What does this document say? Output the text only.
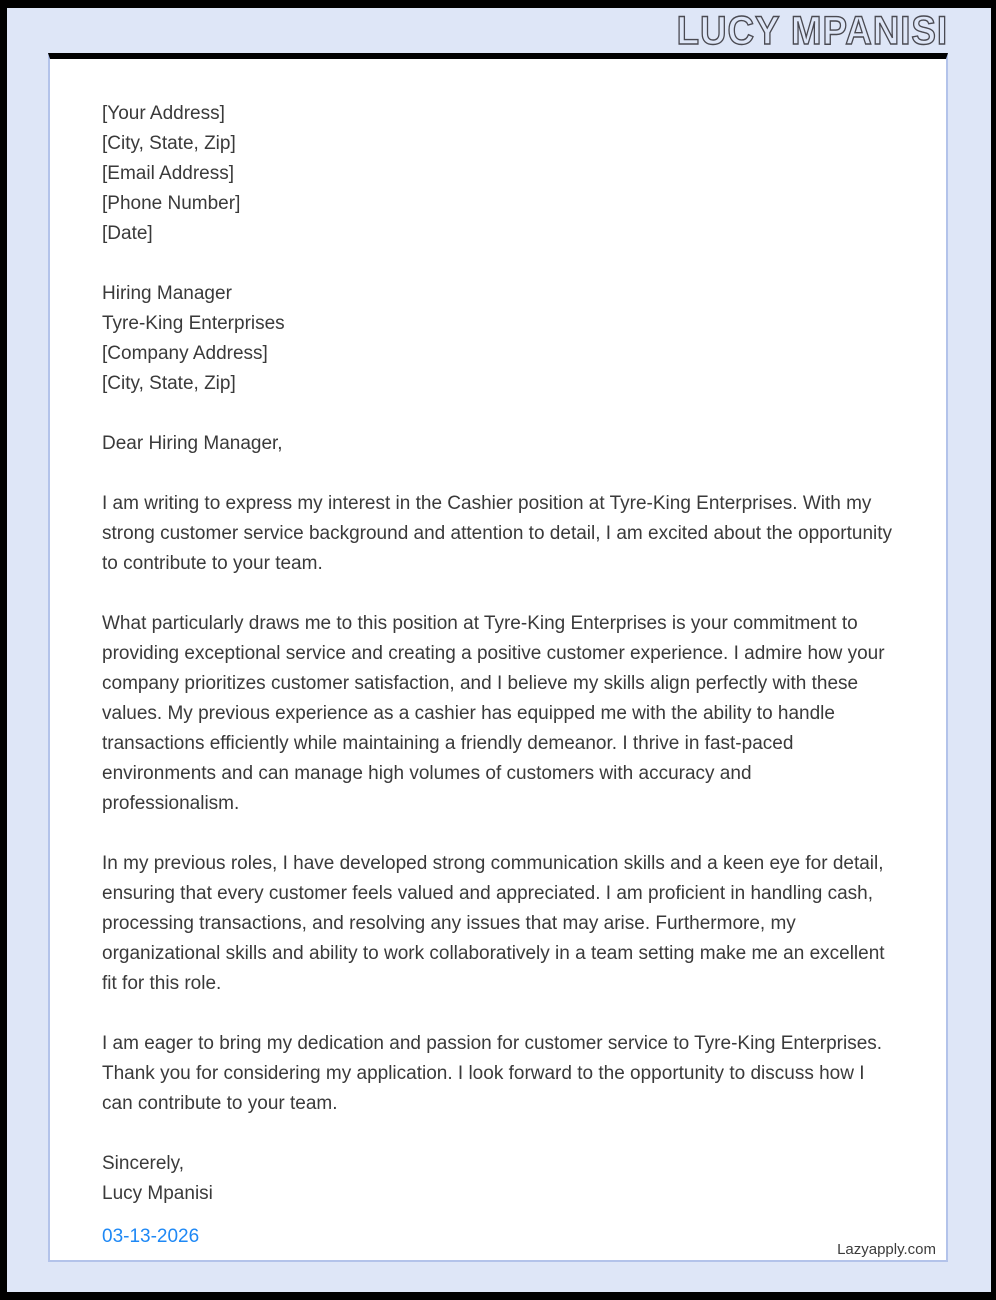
LUCY MPANISI

[Your Address]
[City, State, Zip]
[Email Address]
[Phone Number]
[Date]

Hiring Manager
Tyre-King Enterprises
[Company Address]
[City, State, Zip]

Dear Hiring Manager,

I am writing to express my interest in the Cashier position at Tyre-King Enterprises. With my strong customer service background and attention to detail, I am excited about the opportunity to contribute to your team.

What particularly draws me to this position at Tyre-King Enterprises is your commitment to providing exceptional service and creating a positive customer experience. I admire how your company prioritizes customer satisfaction, and I believe my skills align perfectly with these values. My previous experience as a cashier has equipped me with the ability to handle transactions efficiently while maintaining a friendly demeanor. I thrive in fast-paced environments and can manage high volumes of customers with accuracy and professionalism.

In my previous roles, I have developed strong communication skills and a keen eye for detail, ensuring that every customer feels valued and appreciated. I am proficient in handling cash, processing transactions, and resolving any issues that may arise. Furthermore, my organizational skills and ability to work collaboratively in a team setting make me an excellent fit for this role.

I am eager to bring my dedication and passion for customer service to Tyre-King Enterprises. Thank you for considering my application. I look forward to the opportunity to discuss how I can contribute to your team.

Sincerely,
Lucy Mpanisi

03-13-2026

Lazyapply.com
